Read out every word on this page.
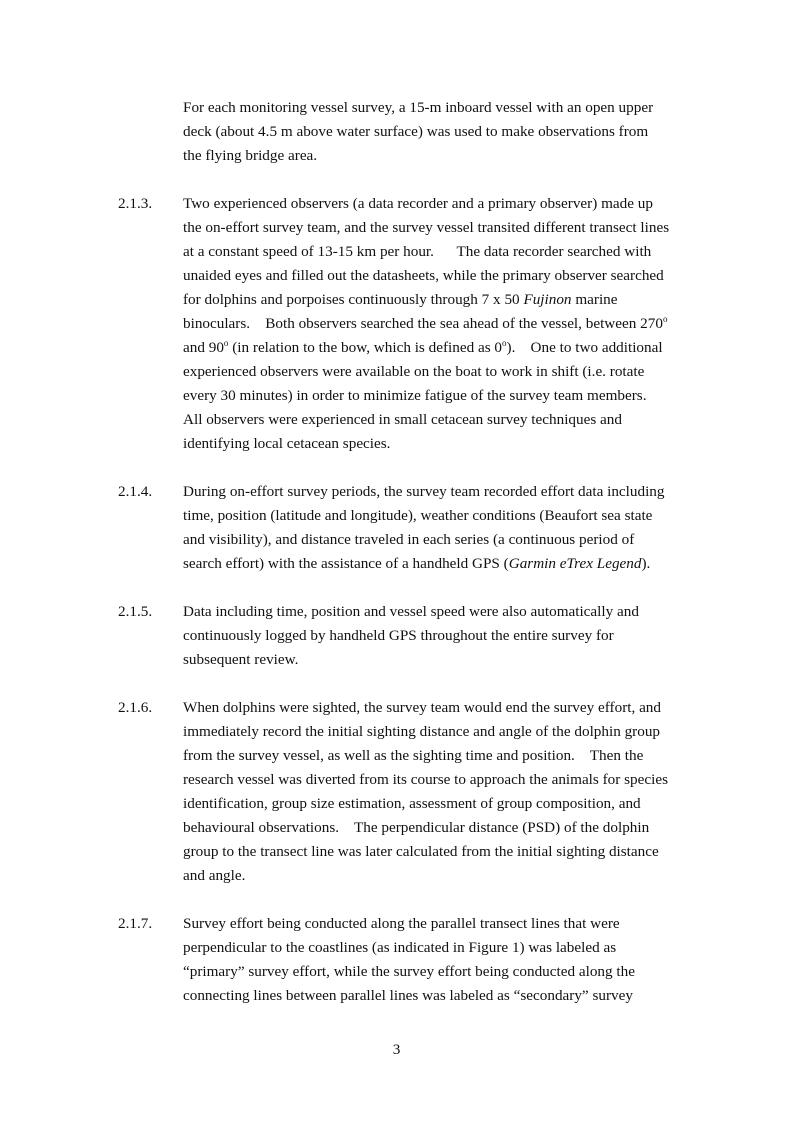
For each monitoring vessel survey, a 15-m inboard vessel with an open upper
deck (about 4.5 m above water surface) was used to make observations from
the flying bridge area.
2.1.3. Two experienced observers (a data recorder and a primary observer) made up
the on-effort survey team, and the survey vessel transited different transect lines
at a constant speed of 13-15 km per hour.      The data recorder searched with
unaided eyes and filled out the datasheets, while the primary observer searched
for dolphins and porpoises continuously through 7 x 50 Fujinon marine
binoculars.    Both observers searched the sea ahead of the vessel, between 270$^o$
and 90$^o$ (in relation to the bow, which is defined as 0$^o$).    One to two additional
experienced observers were available on the boat to work in shift (i.e. rotate
every 30 minutes) in order to minimize fatigue of the survey team members.
All observers were experienced in small cetacean survey techniques and
identifying local cetacean species.
2.1.4. During on-effort survey periods, the survey team recorded effort data including
time, position (latitude and longitude), weather conditions (Beaufort sea state
and visibility), and distance traveled in each series (a continuous period of
search effort) with the assistance of a handheld GPS (Garmin eTrex Legend).
2.1.5. Data including time, position and vessel speed were also automatically and
continuously logged by handheld GPS throughout the entire survey for
subsequent review.
2.1.6. When dolphins were sighted, the survey team would end the survey effort, and
immediately record the initial sighting distance and angle of the dolphin group
from the survey vessel, as well as the sighting time and position.    Then the
research vessel was diverted from its course to approach the animals for species
identification, group size estimation, assessment of group composition, and
behavioural observations.    The perpendicular distance (PSD) of the dolphin
group to the transect line was later calculated from the initial sighting distance
and angle.
2.1.7. Survey effort being conducted along the parallel transect lines that were
perpendicular to the coastlines (as indicated in Figure 1) was labeled as
“primary” survey effort, while the survey effort being conducted along the
connecting lines between parallel lines was labeled as “secondary” survey
3
